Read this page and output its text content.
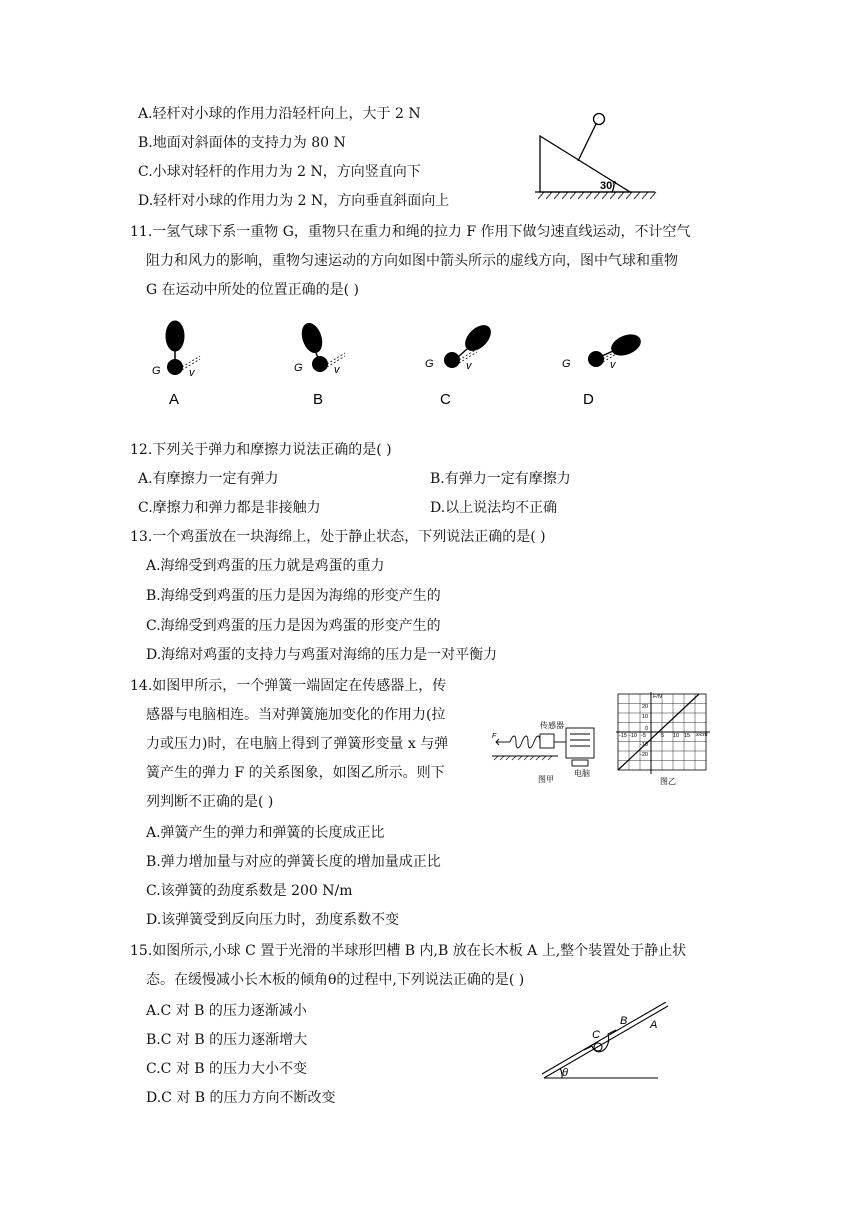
A.轻杆对小球的作用力沿轻杆向上，大于 2 N
B.地面对斜面体的支持力为 80 N
C.小球对轻杆的作用力为 2 N，方向竖直向下
D.轻杆对小球的作用力为 2 N，方向垂直斜面向上
30°
11.一氢气球下系一重物 G，重物只在重力和绳的拉力 F 作用下做匀速直线运动，不计空气
阻力和风力的影响，重物匀速运动的方向如图中箭头所示的虚线方向，图中气球和重物
G 在运动中所处的位置正确的是( )
G	v	G	v	G	v	G	v
A	B	C	D
12.下列关于弹力和摩擦力说法正确的是( )
A.有摩擦力一定有弹力	B.有弹力一定有摩擦力
C.摩擦力和弹力都是非接触力	D.以上说法均不正确
13.一个鸡蛋放在一块海绵上，处于静止状态，下列说法正确的是( )
A.海绵受到鸡蛋的压力就是鸡蛋的重力
B.海绵受到鸡蛋的压力是因为海绵的形变产生的
C.海绵受到鸡蛋的压力是因为鸡蛋的形变产生的
D.海绵对鸡蛋的支持力与鸡蛋对海绵的压力是一对平衡力
14.如图甲所示，一个弹簧一端固定在传感器上，传
感器与电脑相连。当对弹簧施加变化的作用力(拉
力或压力)时，在电脑上得到了弹簧形变量 x 与弹
簧产生的弹力 F 的关系图象，如图乙所示。则下
列判断不正确的是( )
A.弹簧产生的弹力和弹簧的长度成正比
B.弹力增加量与对应的弹簧长度的增加量成正比
C.该弹簧的劲度系数是 200 N/m
D.该弹簧受到反向压力时，劲度系数不变
F
传感器
电脑
图甲
F/N
x/cm
20
10
0
-10
-20
-15 -10 -5	5 10 15
图乙
15.如图所示,小球 C 置于光滑的半球形凹槽 B 内,B 放在长木板 A 上,整个装置处于静止状
态。在缓慢减小长木板的倾角θ的过程中,下列说法正确的是( )
A.C 对 B 的压力逐渐减小
B.C 对 B 的压力逐渐增大
C.C 对 B 的压力大小不变
D.C 对 B 的压力方向不断改变
A
B
C
θ
